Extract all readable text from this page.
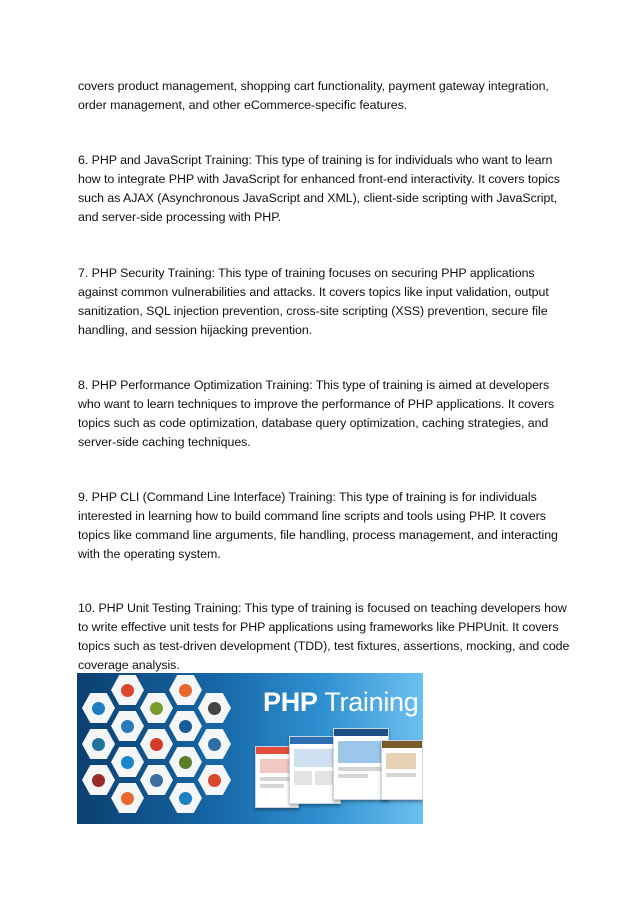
covers product management, shopping cart functionality, payment gateway integration, order management, and other eCommerce-specific features.

6. PHP and JavaScript Training: This type of training is for individuals who want to learn how to integrate PHP with JavaScript for enhanced front-end interactivity. It covers topics such as AJAX (Asynchronous JavaScript and XML), client-side scripting with JavaScript, and server-side processing with PHP.

7. PHP Security Training: This type of training focuses on securing PHP applications against common vulnerabilities and attacks. It covers topics like input validation, output sanitization, SQL injection prevention, cross-site scripting (XSS) prevention, secure file handling, and session hijacking prevention.

8. PHP Performance Optimization Training: This type of training is aimed at developers who want to learn techniques to improve the performance of PHP applications. It covers topics such as code optimization, database query optimization, caching strategies, and server-side caching techniques.

9. PHP CLI (Command Line Interface) Training: This type of training is for individuals interested in learning how to build command line scripts and tools using PHP. It covers topics like command line arguments, file handling, process management, and interacting with the operating system.

10. PHP Unit Testing Training: This type of training is focused on teaching developers how to write effective unit tests for PHP applications using frameworks like PHPUnit. It covers topics such as test-driven development (TDD), test fixtures, assertions, mocking, and code coverage analysis.

PHP Training
